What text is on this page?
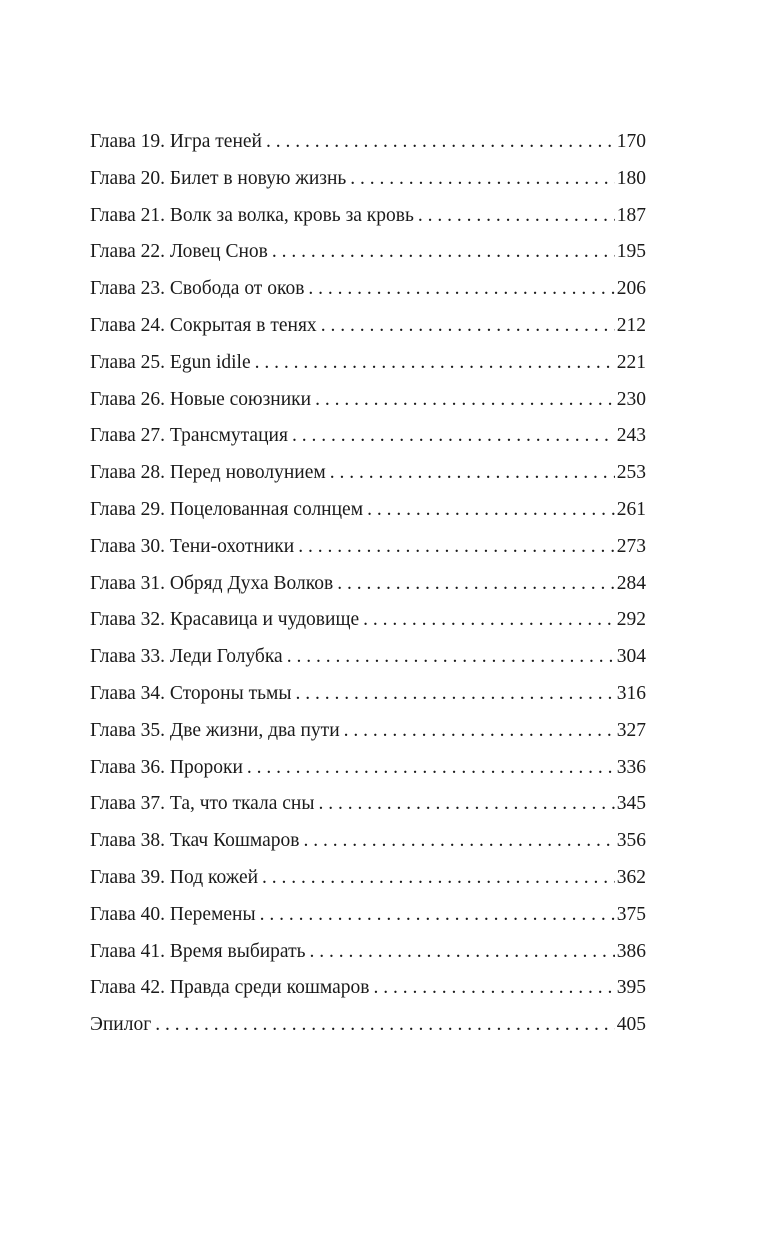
Глава 19. Игра теней . . .	170
Глава 20. Билет в новую жизнь . . .	180
Глава 21. Волк за волка, кровь за кровь . . .	187
Глава 22. Ловец Снов . . .	195
Глава 23. Свобода от оков . . .	206
Глава 24. Сокрытая в тенях . . .	212
Глава 25. Egun idile . . .	221
Глава 26. Новые союзники . . .	230
Глава 27. Трансмутация . . .	243
Глава 28. Перед новолунием . . .	253
Глава 29. Поцелованная солнцем . . .	261
Глава 30. Тени-охотники . . .	273
Глава 31. Обряд Духа Волков . . .	284
Глава 32. Красавица и чудовище . . .	292
Глава 33. Леди Голубка . . .	304
Глава 34. Стороны тьмы . . .	316
Глава 35. Две жизни, два пути . . .	327
Глава 36. Пророки . . .	336
Глава 37. Та, что ткала сны . . .	345
Глава 38. Ткач Кошмаров . . .	356
Глава 39. Под кожей . . .	362
Глава 40. Перемены . . .	375
Глава 41. Время выбирать . . .	386
Глава 42. Правда среди кошмаров . . .	395
Эпилог . . .	405
